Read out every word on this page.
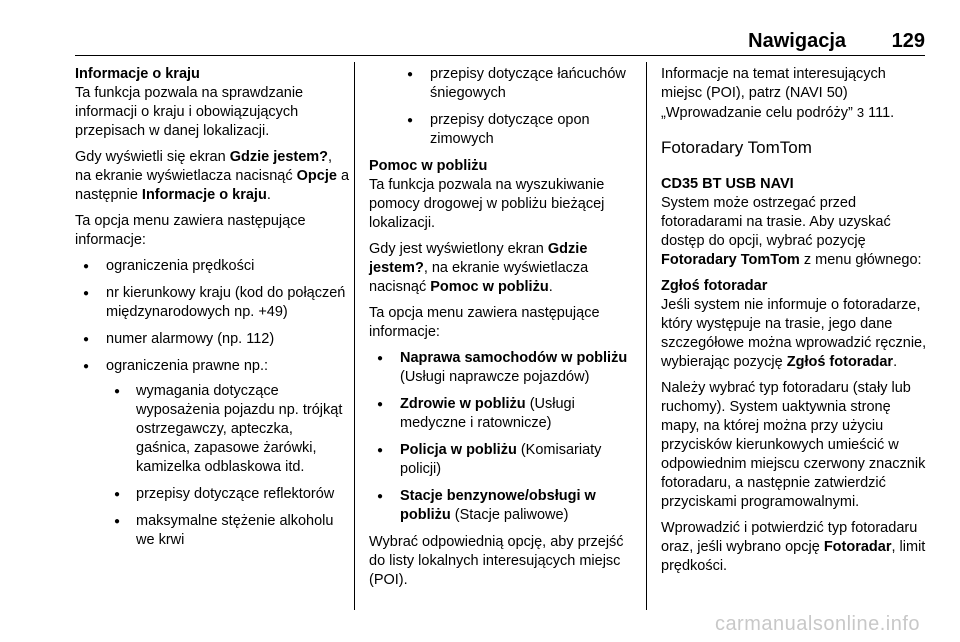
Nawigacja 129

Informacje o kraju
Ta funkcja pozwala na sprawdzanie informacji o kraju i obowiązujących przepisach w danej lokalizacji.

Gdy wyświetli się ekran Gdzie jestem?, na ekranie wyświetlacza nacisnąć Opcje a następnie Informacje o kraju.

Ta opcja menu zawiera następujące informacje:

● ograniczenia prędkości
● nr kierunkowy kraju (kod do połączeń międzynarodowych np. +49)
● numer alarmowy (np. 112)
● ograniczenia prawne np.:
● wymagania dotyczące wyposażenia pojazdu np. trójkąt ostrzegawczy, apteczka, gaśnica, zapasowe żarówki, kamizelka odblaskowa itd.
● przepisy dotyczące reflektorów
● maksymalne stężenie alkoholu we krwi
● przepisy dotyczące łańcuchów śniegowych
● przepisy dotyczące opon zimowych

Pomoc w pobliżu
Ta funkcja pozwala na wyszukiwanie pomocy drogowej w pobliżu bieżącej lokalizacji.

Gdy jest wyświetlony ekran Gdzie jestem?, na ekranie wyświetlacza nacisnąć Pomoc w pobliżu.

Ta opcja menu zawiera następujące informacje:

● Naprawa samochodów w pobliżu (Usługi naprawcze pojazdów)
● Zdrowie w pobliżu (Usługi medyczne i ratownicze)
● Policja w pobliżu (Komisariaty policji)
● Stacje benzynowe/obsługi w pobliżu (Stacje paliwowe)

Wybrać odpowiednią opcję, aby przejść do listy lokalnych interesujących miejsc (POI).

Informacje na temat interesujących miejsc (POI), patrz (NAVI 50) „Wprowadzanie celu podróży” 3 111.

Fotoradary TomTom
CD35 BT USB NAVI

System może ostrzegać przed fotoradarami na trasie. Aby uzyskać dostęp do opcji, wybrać pozycję Fotoradary TomTom z menu głównego:

Zgłoś fotoradar
Jeśli system nie informuje o fotoradarze, który występuje na trasie, jego dane szczegółowe można wprowadzić ręcznie, wybierając pozycję Zgłoś fotoradar.

Należy wybrać typ fotoradaru (stały lub ruchomy). System uaktywnia stronę mapy, na której można przy użyciu przycisków kierunkowych umieścić w odpowiednim miejscu czerwony znacznik fotoradaru, a następnie zatwierdzić przyciskami programowalnymi.

Wprowadzić i potwierdzić typ fotoradaru oraz, jeśli wybrano opcję Fotoradar, limit prędkości.

carmanualsonline.info
